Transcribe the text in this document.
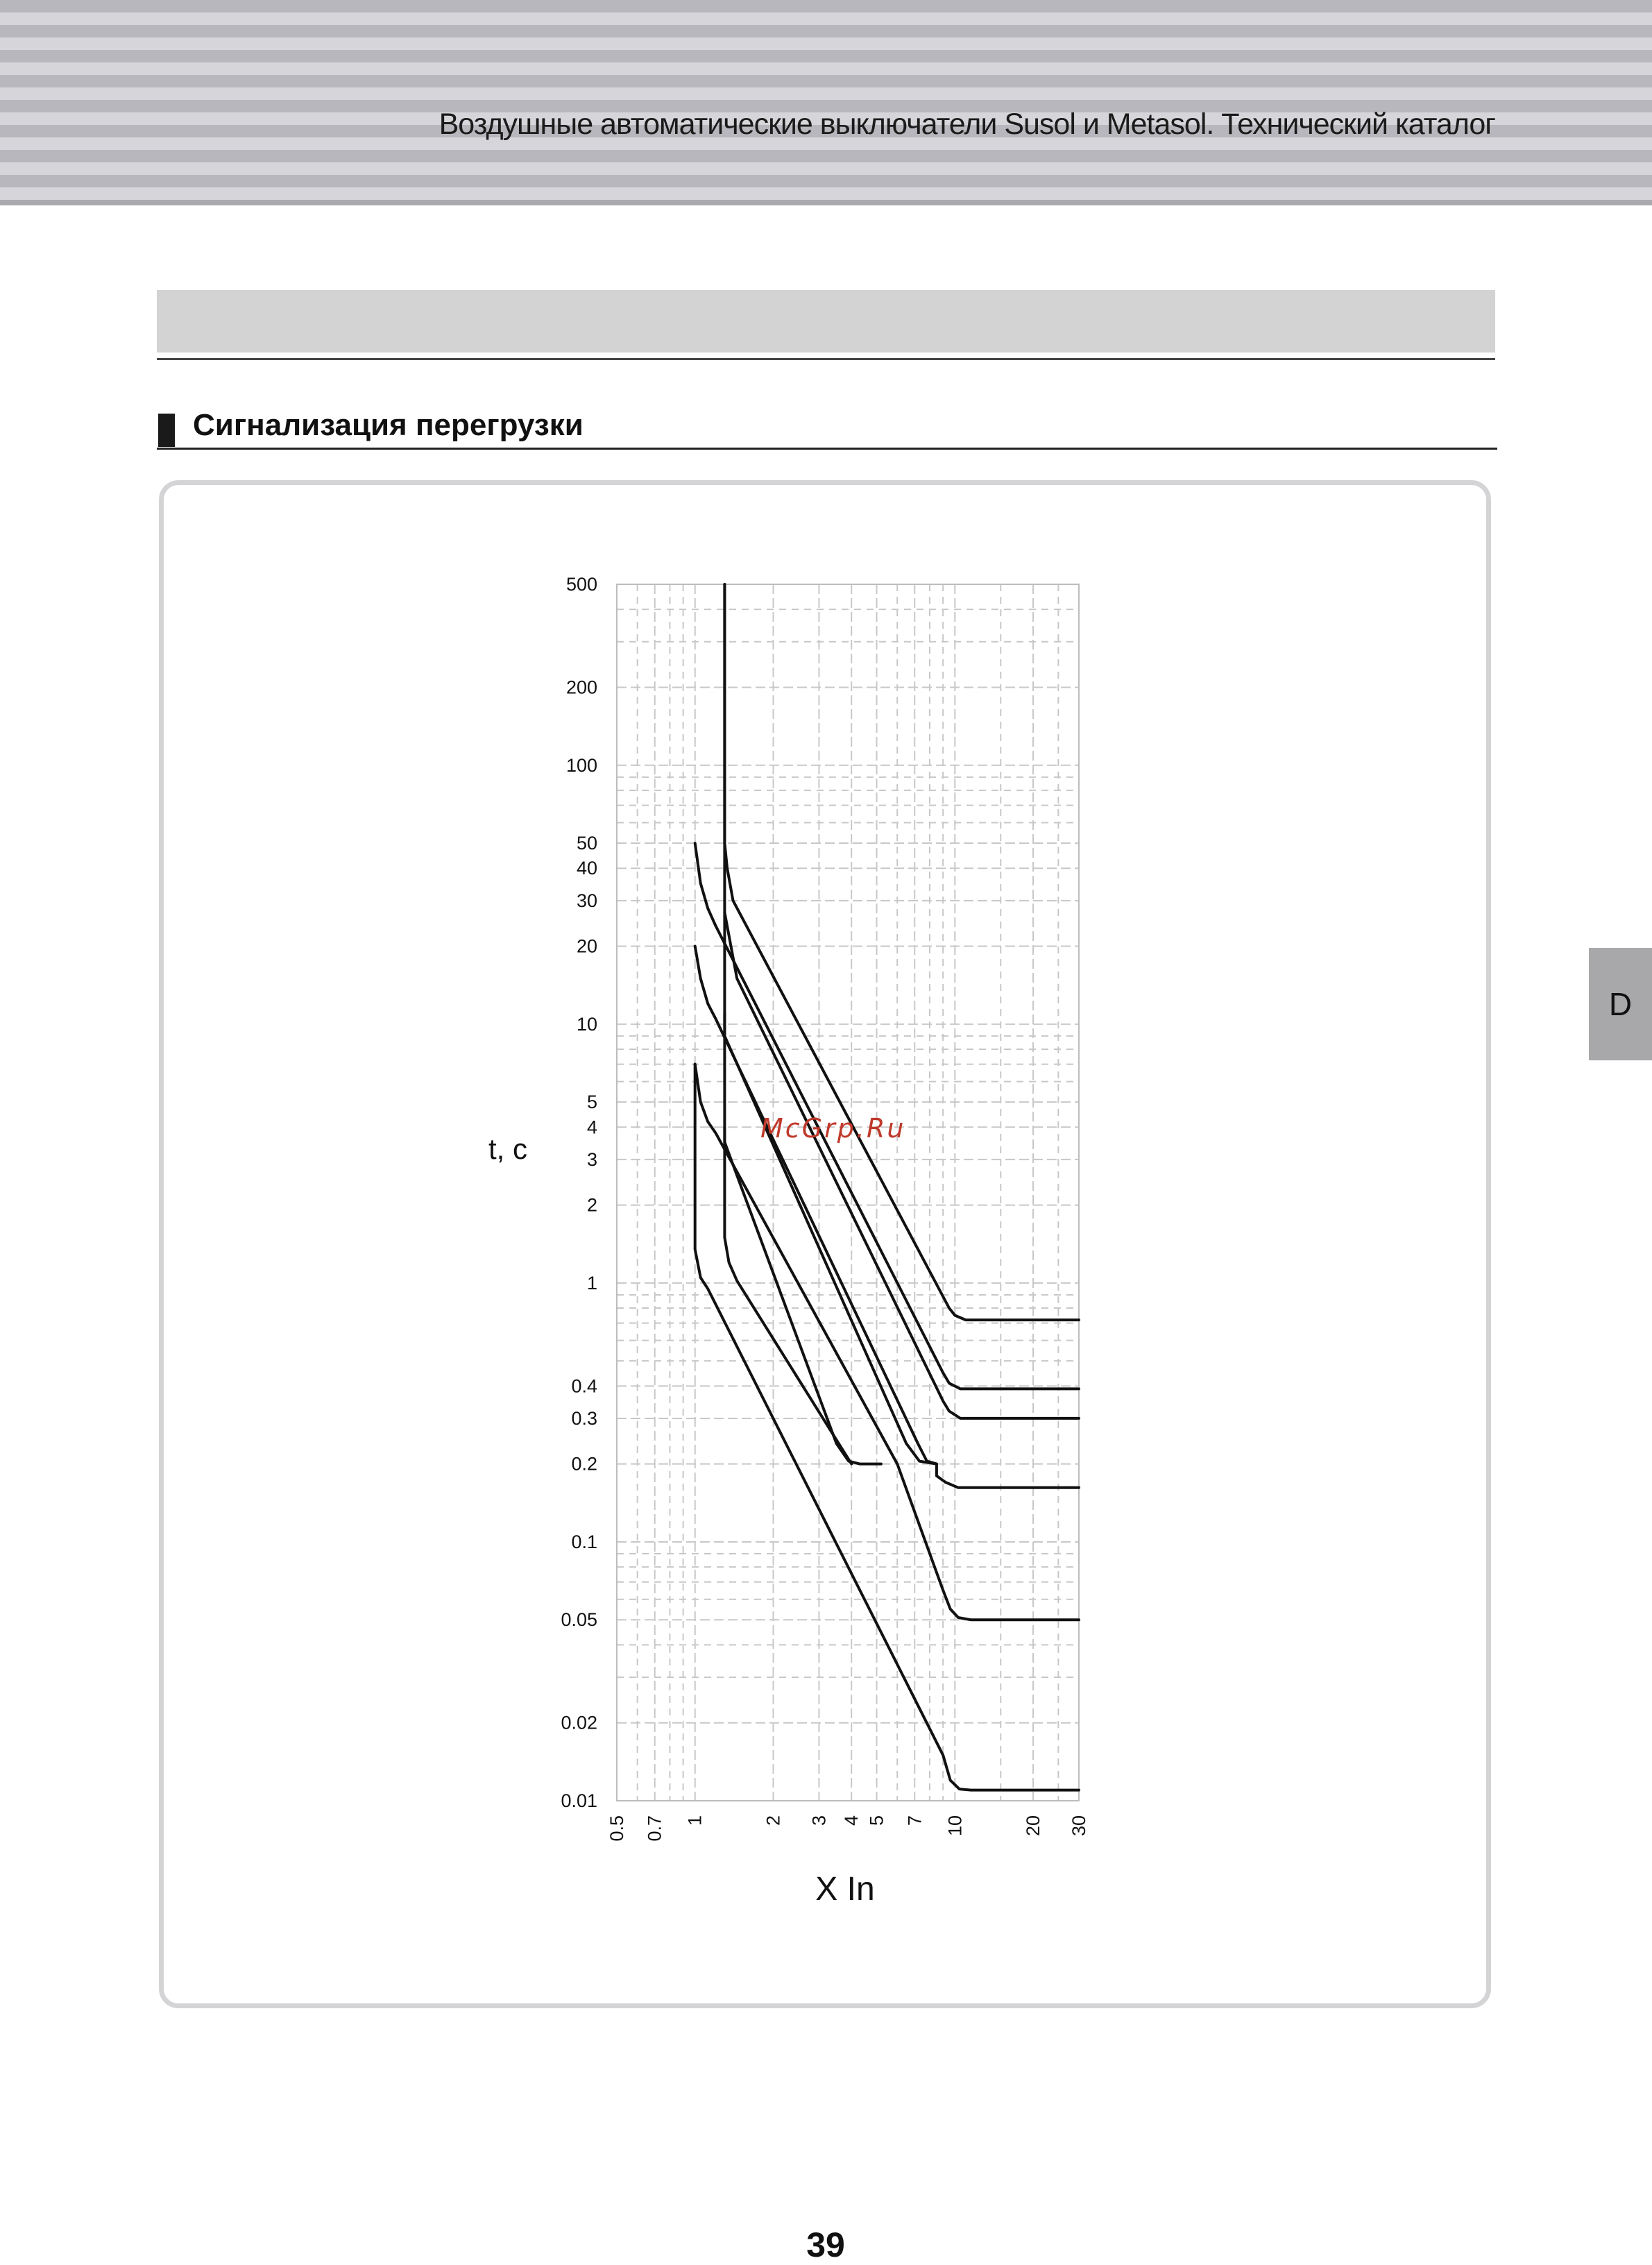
Воздушные автоматические выключатели Susol и Metasol. Технический каталог
Сигнализация перегрузки
500
200
100
50
40
30
20
10
5
4
3
2
1
0.4
0.3
0.2
0.1
0.05
0.02
0.01
0.5 0.7 1	2 3 4 5 7 10	20 30
t, c
X In
McGrp.Ru
D
39
